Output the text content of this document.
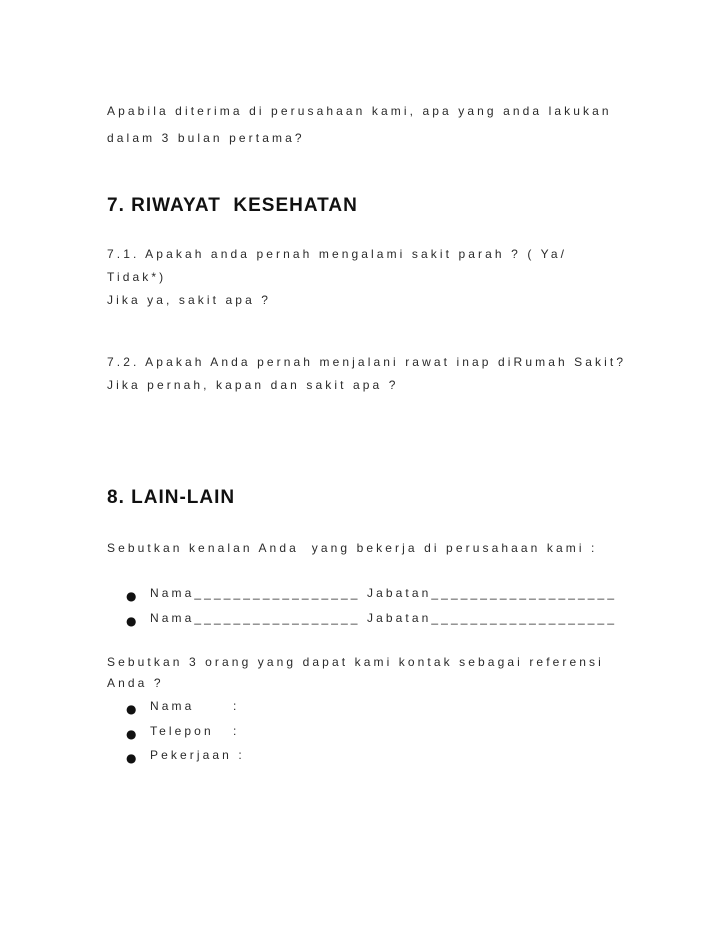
Apabila diterima di perusahaan kami, apa yang anda lakukan
dalam 3 bulan pertama?
7. RIWAYAT  KESEHATAN
7.1. Apakah anda pernah mengalami sakit parah ? ( Ya/
Tidak*)
Jika ya, sakit apa ?
7.2. Apakah Anda pernah menjalani rawat inap diRumah Sakit?
Jika pernah, kapan dan sakit apa ?
8. LAIN-LAIN
Sebutkan kenalan Anda  yang bekerja di perusahaan kami :

●

Nama_________________ Jabatan___________________

●

Nama_________________ Jabatan___________________

Sebutkan 3 orang yang dapat kami kontak sebagai referensi
Anda ?

●

Nama      :

●

Telepon   :

●

Pekerjaan :
